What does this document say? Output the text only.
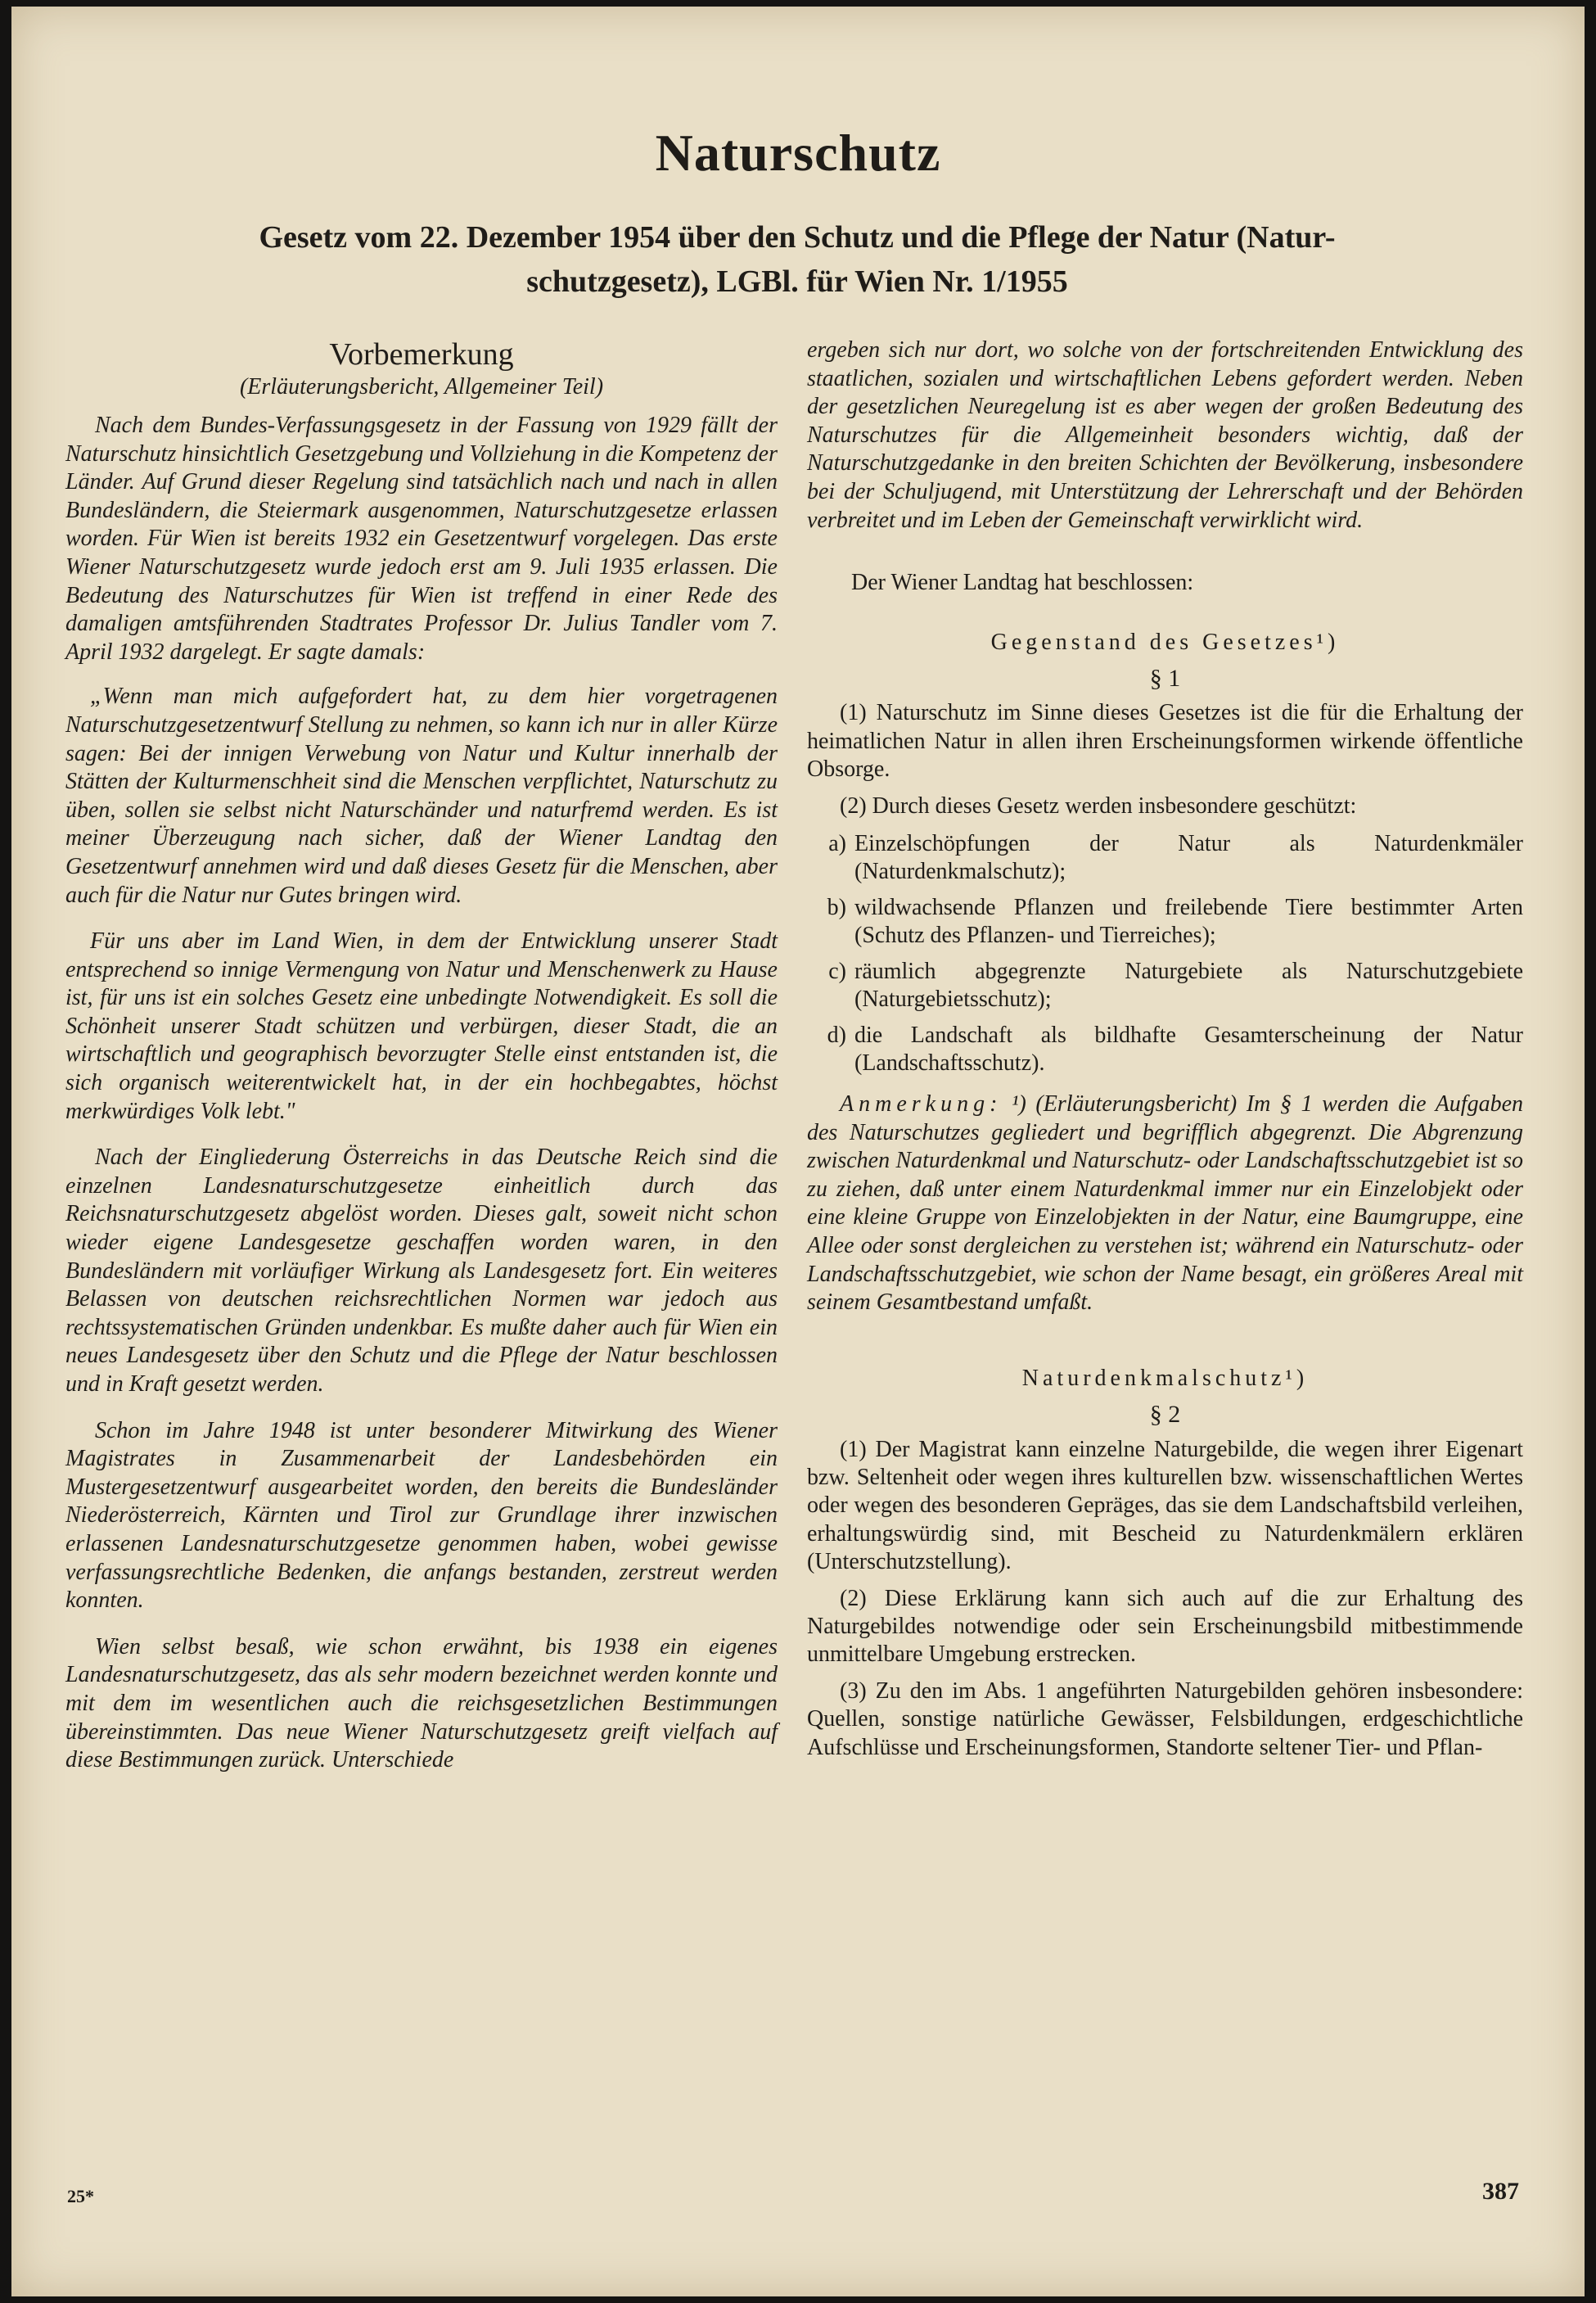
Naturschutz
Gesetz vom 22. Dezember 1954 über den Schutz und die Pflege der Natur (Natur-
schutzgesetz), LGBl. für Wien Nr. 1/1955
Vorbemerkung
(Erläuterungsbericht, Allgemeiner Teil)

Nach dem Bundes-Verfassungsgesetz in der Fassung von 1929 fällt der Naturschutz hinsichtlich Gesetzgebung und Vollziehung in die Kompetenz der Länder. Auf Grund dieser Regelung sind tatsächlich nach und nach in allen Bundesländern, die Steiermark ausgenommen, Naturschutzgesetze erlassen worden. Für Wien ist bereits 1932 ein Gesetzentwurf vorgelegen. Das erste Wiener Naturschutzgesetz wurde jedoch erst am 9. Juli 1935 erlassen. Die Bedeutung des Naturschutzes für Wien ist treffend in einer Rede des damaligen amtsführenden Stadtrates Professor Dr. Julius Tandler vom 7. April 1932 dargelegt. Er sagte damals:

„Wenn man mich aufgefordert hat, zu dem hier vorgetragenen Naturschutzgesetzentwurf Stellung zu nehmen, so kann ich nur in aller Kürze sagen: Bei der innigen Verwebung von Natur und Kultur innerhalb der Stätten der Kulturmenschheit sind die Menschen verpflichtet, Naturschutz zu üben, sollen sie selbst nicht Naturschänder und naturfremd werden. Es ist meiner Überzeugung nach sicher, daß der Wiener Landtag den Gesetzentwurf annehmen wird und daß dieses Gesetz für die Menschen, aber auch für die Natur nur Gutes bringen wird.

Für uns aber im Land Wien, in dem der Entwicklung unserer Stadt entsprechend so innige Vermengung von Natur und Menschenwerk zu Hause ist, für uns ist ein solches Gesetz eine unbedingte Notwendigkeit. Es soll die Schönheit unserer Stadt schützen und verbürgen, dieser Stadt, die an wirtschaftlich und geographisch bevorzugter Stelle einst entstanden ist, die sich organisch weiterentwickelt hat, in der ein hochbegabtes, höchst merkwürdiges Volk lebt."

Nach der Eingliederung Österreichs in das Deutsche Reich sind die einzelnen Landesnaturschutzgesetze einheitlich durch das Reichsnaturschutzgesetz abgelöst worden. Dieses galt, soweit nicht schon wieder eigene Landesgesetze geschaffen worden waren, in den Bundesländern mit vorläufiger Wirkung als Landesgesetz fort. Ein weiteres Belassen von deutschen reichsrechtlichen Normen war jedoch aus rechtssystematischen Gründen undenkbar. Es mußte daher auch für Wien ein neues Landesgesetz über den Schutz und die Pflege der Natur beschlossen und in Kraft gesetzt werden.

Schon im Jahre 1948 ist unter besonderer Mitwirkung des Wiener Magistrates in Zusammenarbeit der Landesbehörden ein Mustergesetzentwurf ausgearbeitet worden, den bereits die Bundesländer Niederösterreich, Kärnten und Tirol zur Grundlage ihrer inzwischen erlassenen Landesnaturschutzgesetze genommen haben, wobei gewisse verfassungsrechtliche Bedenken, die anfangs bestanden, zerstreut werden konnten.

Wien selbst besaß, wie schon erwähnt, bis 1938 ein eigenes Landesnaturschutzgesetz, das als sehr modern bezeichnet werden konnte und mit dem im wesentlichen auch die reichsgesetzlichen Bestimmungen übereinstimmten. Das neue Wiener Naturschutzgesetz greift vielfach auf diese Bestimmungen zurück. Unterschiede

ergeben sich nur dort, wo solche von der fortschreitenden Entwicklung des staatlichen, sozialen und wirtschaftlichen Lebens gefordert werden. Neben der gesetzlichen Neuregelung ist es aber wegen der großen Bedeutung des Naturschutzes für die Allgemeinheit besonders wichtig, daß der Naturschutzgedanke in den breiten Schichten der Bevölkerung, insbesondere bei der Schuljugend, mit Unterstützung der Lehrerschaft und der Behörden verbreitet und im Leben der Gemeinschaft verwirklicht wird.

Der Wiener Landtag hat beschlossen:

Gegenstand des Gesetzes¹)
§ 1

(1) Naturschutz im Sinne dieses Gesetzes ist die für die Erhaltung der heimatlichen Natur in allen ihren Erscheinungsformen wirkende öffentliche Obsorge.

(2) Durch dieses Gesetz werden insbesondere geschützt:

a) Einzelschöpfungen der Natur als Naturdenkmäler (Naturdenkmalschutz);
b) wildwachsende Pflanzen und freilebende Tiere bestimmter Arten (Schutz des Pflanzen- und Tierreiches);
c) räumlich abgegrenzte Naturgebiete als Naturschutzgebiete (Naturgebietsschutz);
d) die Landschaft als bildhafte Gesamterscheinung der Natur (Landschaftsschutz).

Anmerkung: ¹) (Erläuterungsbericht) Im § 1 werden die Aufgaben des Naturschutzes gegliedert und begrifflich abgegrenzt. Die Abgrenzung zwischen Naturdenkmal und Naturschutz- oder Landschaftsschutzgebiet ist so zu ziehen, daß unter einem Naturdenkmal immer nur ein Einzelobjekt oder eine kleine Gruppe von Einzelobjekten in der Natur, eine Baumgruppe, eine Allee oder sonst dergleichen zu verstehen ist; während ein Naturschutz- oder Landschaftsschutzgebiet, wie schon der Name besagt, ein größeres Areal mit seinem Gesamtbestand umfaßt.

Naturdenkmalschutz¹)
§ 2

(1) Der Magistrat kann einzelne Naturgebilde, die wegen ihrer Eigenart bzw. Seltenheit oder wegen ihres kulturellen bzw. wissenschaftlichen Wertes oder wegen des besonderen Gepräges, das sie dem Landschaftsbild verleihen, erhaltungswürdig sind, mit Bescheid zu Naturdenkmälern erklären (Unterschutzstellung).

(2) Diese Erklärung kann sich auch auf die zur Erhaltung des Naturgebildes notwendige oder sein Erscheinungsbild mitbestimmende unmittelbare Umgebung erstrecken.

(3) Zu den im Abs. 1 angeführten Naturgebilden gehören insbesondere: Quellen, sonstige natürliche Gewässer, Felsbildungen, erdgeschichtliche Aufschlüsse und Erscheinungsformen, Standorte seltener Tier- und Pflan-

25*	387
